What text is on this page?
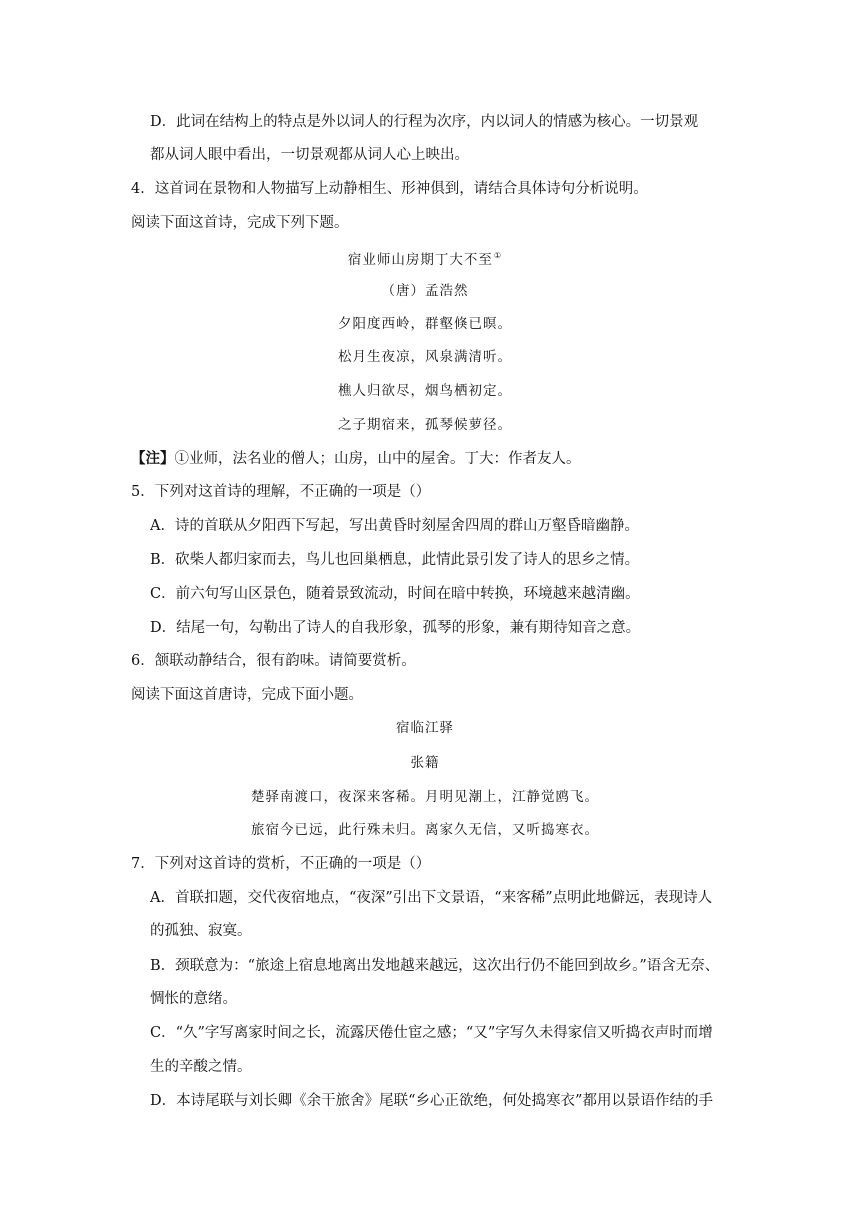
D．此词在结构上的特点是外以词人的行程为次序，内以词人的情感为核心。一切景观
都从词人眼中看出，一切景观都从词人心上映出。
4．这首词在景物和人物描写上动静相生、形神俱到，请结合具体诗句分析说明。
阅读下面这首诗，完成下列下题。
宿业师山房期丁大不至①
（唐）孟浩然
夕阳度西岭，群壑倏已暝。
松月生夜凉，风泉满清听。
樵人归欲尽，烟鸟栖初定。
之子期宿来，孤琴候萝径。
【注】①业师，法名业的僧人；山房，山中的屋舍。丁大：作者友人。
5．下列对这首诗的理解，不正确的一项是（）
A．诗的首联从夕阳西下写起，写出黄昏时刻屋舍四周的群山万壑昏暗幽静。
B．砍柴人都归家而去，鸟儿也回巢栖息，此情此景引发了诗人的思乡之情。
C．前六句写山区景色，随着景致流动，时间在暗中转换，环境越来越清幽。
D．结尾一句，勾勒出了诗人的自我形象，孤琴的形象，兼有期待知音之意。
6．颔联动静结合，很有韵味。请简要赏析。
阅读下面这首唐诗，完成下面小题。
宿临江驿
张籍
楚驿南渡口，夜深来客稀。月明见潮上，江静觉鸥飞。
旅宿今已远，此行殊未归。离家久无信，又听捣寒衣。
7．下列对这首诗的赏析，不正确的一项是（）
A．首联扣题，交代夜宿地点，“夜深”引出下文景语，“来客稀”点明此地僻远，表现诗人
的孤独、寂寞。
B．颈联意为：“旅途上宿息地离出发地越来越远，这次出行仍不能回到故乡。”语含无奈、
惆怅的意绪。
C．“久”字写离家时间之长，流露厌倦仕宦之感；“又”字写久未得家信又听捣衣声时而增
生的辛酸之情。
D．本诗尾联与刘长卿《余干旅舍》尾联“乡心正欲绝，何处捣寒衣”都用以景语作结的手
